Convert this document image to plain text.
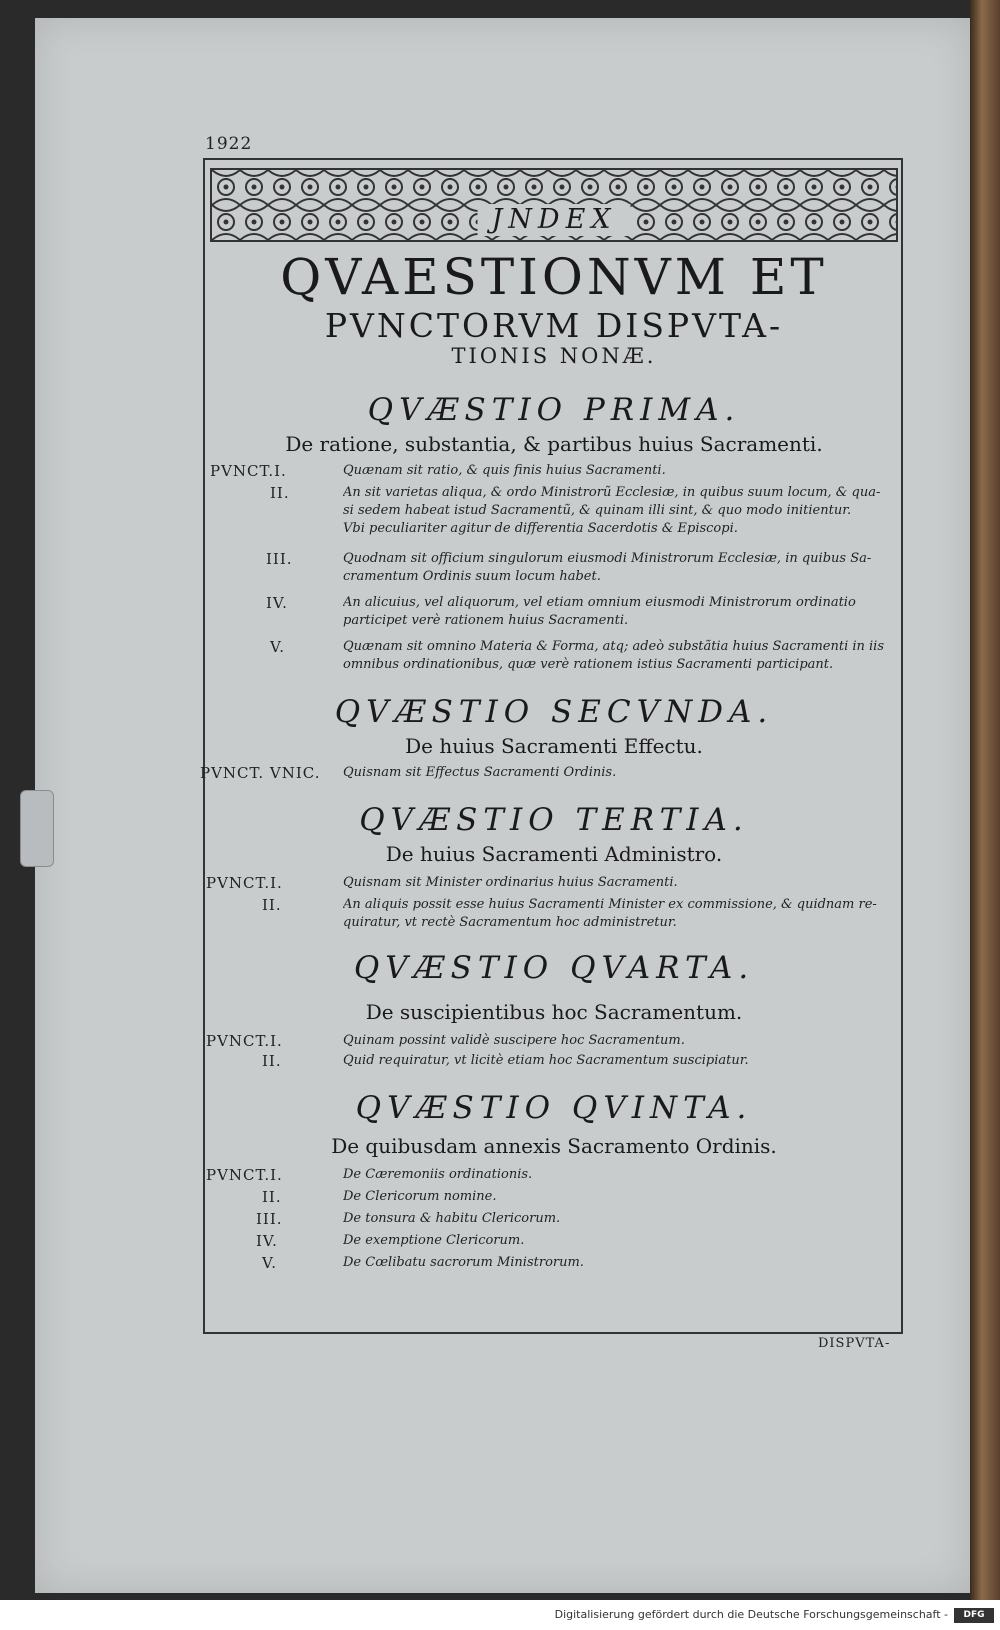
1922
JNDEX
QVAESTIONVM ET
PVNCTORVM DISPVTA-
TIONIS NONÆ.
QVÆSTIO PRIMA.
De ratione, substantia, & partibus huius Sacramenti.
PVNCT.I.	Quænam sit ratio, & quis finis huius Sacramenti.
II.	An sit varietas aliqua, & ordo Ministrorũ Ecclesiæ, in quibus suum locum, & qua-
si sedem habeat istud Sacramentũ, & quinam illi sint, & quo modo initientur.
Vbi peculiariter agitur de differentia Sacerdotis & Episcopi.
III.	Quodnam sit officium singulorum eiusmodi Ministrorum Ecclesiæ, in quibus Sa-
cramentum Ordinis suum locum habet.
IV.	An alicuius, vel aliquorum, vel etiam omnium eiusmodi Ministrorum ordinatio
participet verè rationem huius Sacramenti.
V.	Quænam sit omnino Materia & Forma, atq; adeò substãtia huius Sacramenti in iis
omnibus ordinationibus, quæ verè rationem istius Sacramenti participant.
QVÆSTIO SECVNDA.
De huius Sacramenti Effectu.
PVNCT. VNIC. Quisnam sit Effectus Sacramenti Ordinis.
QVÆSTIO TERTIA.
De huius Sacramenti Administro.
PVNCT.I.	Quisnam sit Minister ordinarius huius Sacramenti.
II.	An aliquis possit esse huius Sacramenti Minister ex commissione, & quidnam re-
quiratur, vt rectè Sacramentum hoc administretur.
QVÆSTIO QVARTA.
De suscipientibus hoc Sacramentum.
PVNCT.I.	Quinam possint validè suscipere hoc Sacramentum.
II.	Quid requiratur, vt licitè etiam hoc Sacramentum suscipiatur.
QVÆSTIO QVINTA.
De quibusdam annexis Sacramento Ordinis.
PVNCT.I.	De Cæremoniis ordinationis.
II.	De Clericorum nomine.
III.	De tonsura & habitu Clericorum.
IV.	De exemptione Clericorum.
V.	De Cœlibatu sacrorum Ministrorum.
DISPVTA-
Digitalisierung gefördert durch die Deutsche Forschungsgemeinschaft -	DFG
